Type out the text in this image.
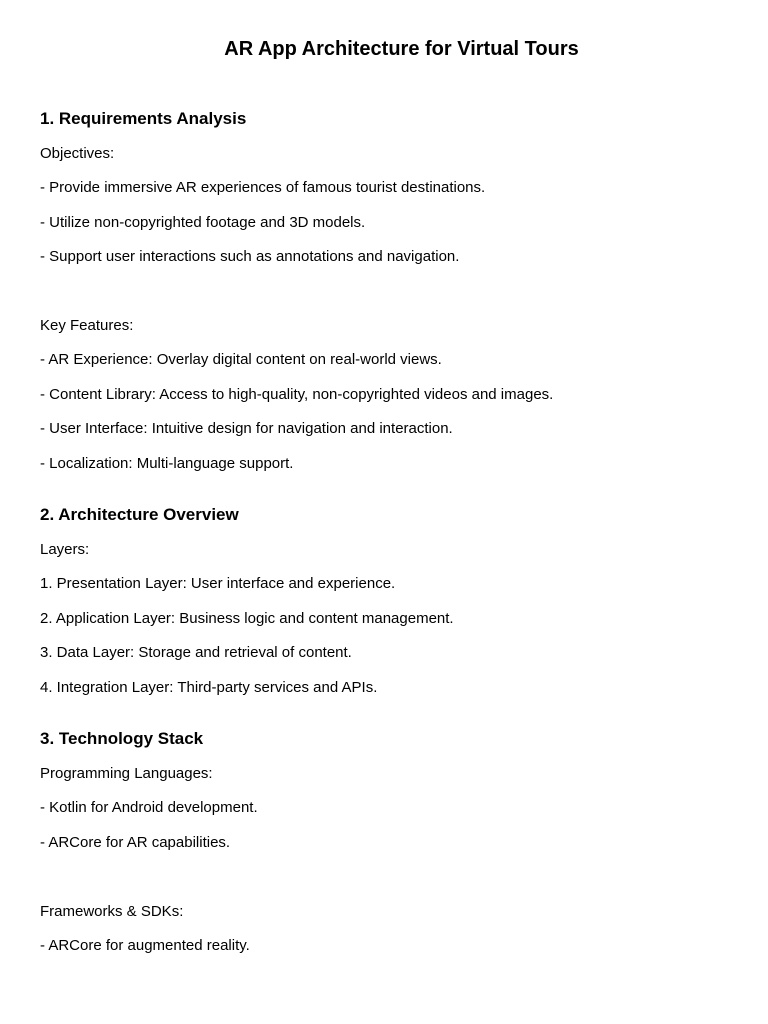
AR App Architecture for Virtual Tours
1. Requirements Analysis

Objectives:

- Provide immersive AR experiences of famous tourist destinations.

- Utilize non-copyrighted footage and 3D models.

- Support user interactions such as annotations and navigation.

Key Features:

- AR Experience: Overlay digital content on real-world views.

- Content Library: Access to high-quality, non-copyrighted videos and images.

- User Interface: Intuitive design for navigation and interaction.

- Localization: Multi-language support.

2. Architecture Overview

Layers:

1. Presentation Layer: User interface and experience.

2. Application Layer: Business logic and content management.

3. Data Layer: Storage and retrieval of content.

4. Integration Layer: Third-party services and APIs.

3. Technology Stack

Programming Languages:

- Kotlin for Android development.

- ARCore for AR capabilities.

Frameworks & SDKs:

- ARCore for augmented reality.
